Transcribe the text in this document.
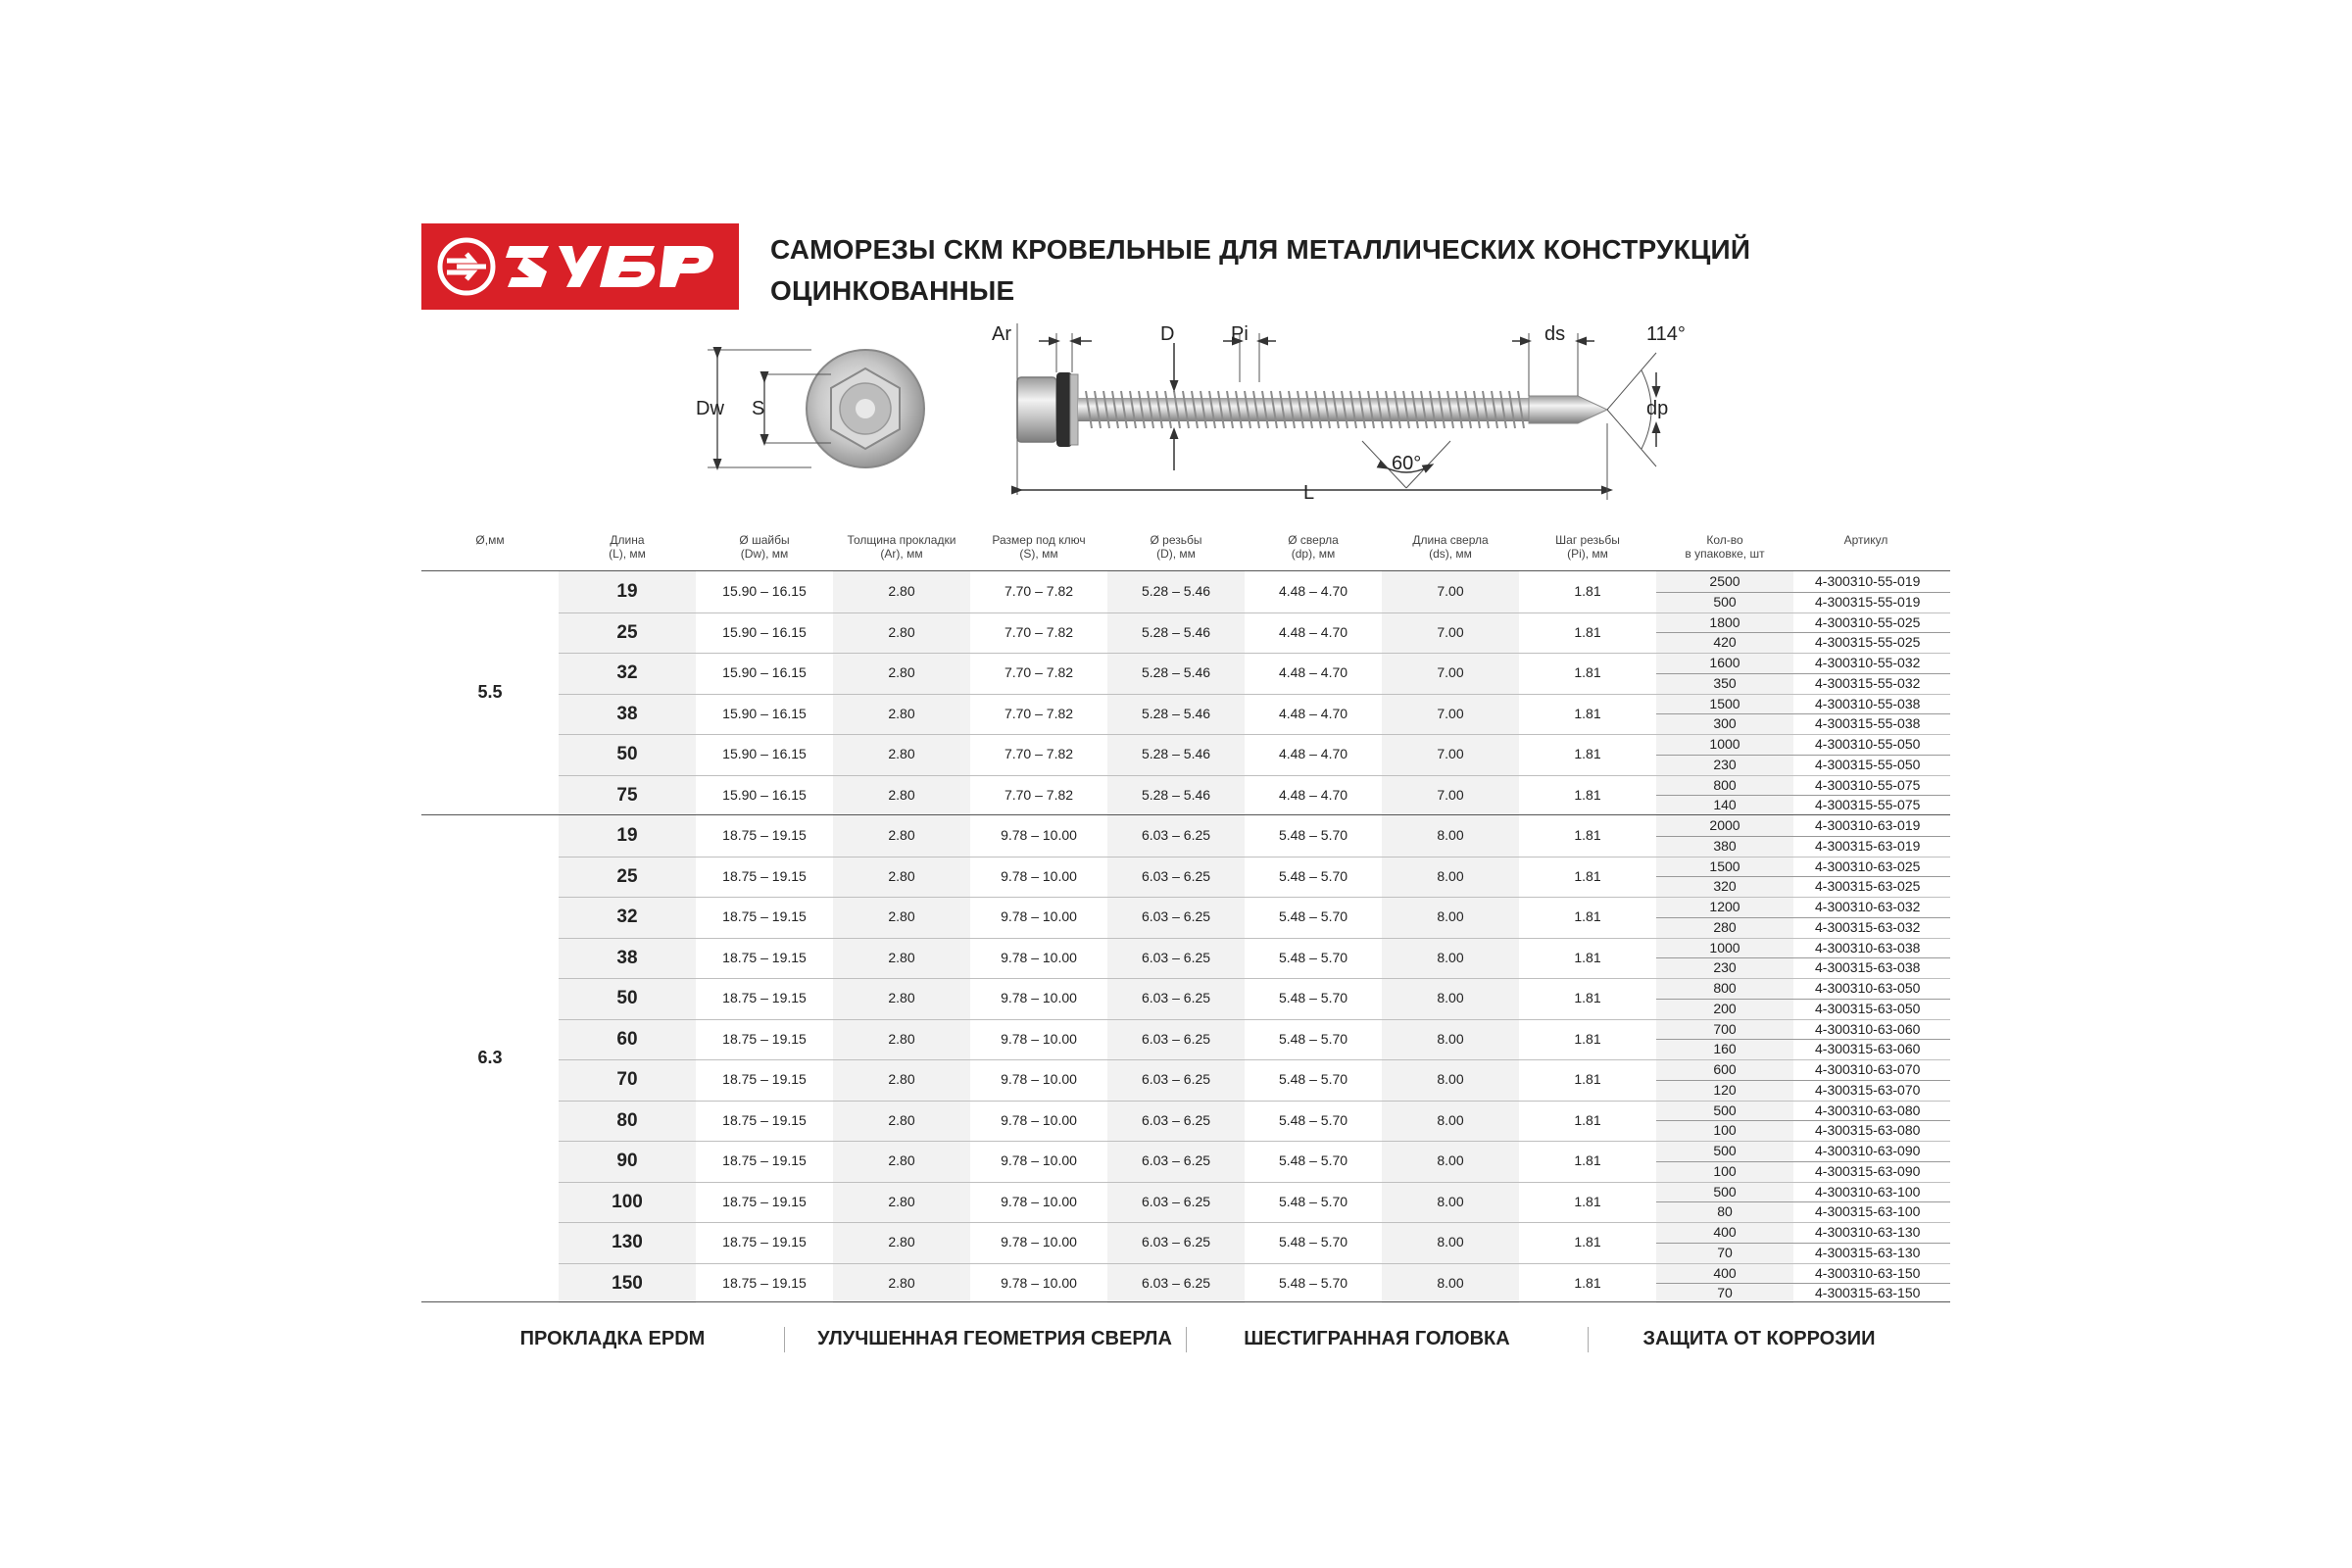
САМОРЕЗЫ СКМ КРОВЕЛЬНЫЕ ДЛЯ МЕТАЛЛИЧЕСКИХ КОНСТРУКЦИЙ
ОЦИНКОВАННЫЕ
Dw S
Ar	D	Pi	ds	114°
dp
60°
L
Ø,мм	Длина
(L), мм
Ø шайбы
(Dw), мм
Толщина прокладки
(Ar), мм
Размер под ключ
(S), мм
Ø резьбы
(D), мм
Ø сверла
(dp), мм
Длина сверла
(ds), мм
Шаг резьбы
(Pi), мм
Кол-во
в упаковке, шт
Артикул
5.5
19	15.90 – 16.15	2.80	7.70 – 7.82	5.28 – 5.46	4.48 – 4.70	7.00	1.81
2500	4-300310-55-019
500	4-300315-55-019
25	15.90 – 16.15	2.80	7.70 – 7.82	5.28 – 5.46	4.48 – 4.70	7.00	1.81
1800	4-300310-55-025
420	4-300315-55-025
32	15.90 – 16.15	2.80	7.70 – 7.82	5.28 – 5.46	4.48 – 4.70	7.00	1.81
1600	4-300310-55-032
350	4-300315-55-032
38	15.90 – 16.15	2.80	7.70 – 7.82	5.28 – 5.46	4.48 – 4.70	7.00	1.81
1500	4-300310-55-038
300	4-300315-55-038
50	15.90 – 16.15	2.80	7.70 – 7.82	5.28 – 5.46	4.48 – 4.70	7.00	1.81
1000	4-300310-55-050
230	4-300315-55-050
75	15.90 – 16.15	2.80	7.70 – 7.82	5.28 – 5.46	4.48 – 4.70	7.00	1.81
800	4-300310-55-075
140	4-300315-55-075
6.3
19	18.75 – 19.15	2.80	9.78 – 10.00	6.03 – 6.25	5.48 – 5.70	8.00	1.81
2000	4-300310-63-019
380	4-300315-63-019
25	18.75 – 19.15	2.80	9.78 – 10.00	6.03 – 6.25	5.48 – 5.70	8.00	1.81
1500	4-300310-63-025
320	4-300315-63-025
32	18.75 – 19.15	2.80	9.78 – 10.00	6.03 – 6.25	5.48 – 5.70	8.00	1.81
1200	4-300310-63-032
280	4-300315-63-032
38	18.75 – 19.15	2.80	9.78 – 10.00	6.03 – 6.25	5.48 – 5.70	8.00	1.81
1000	4-300310-63-038
230	4-300315-63-038
50	18.75 – 19.15	2.80	9.78 – 10.00	6.03 – 6.25	5.48 – 5.70	8.00	1.81
800	4-300310-63-050
200	4-300315-63-050
60	18.75 – 19.15	2.80	9.78 – 10.00	6.03 – 6.25	5.48 – 5.70	8.00	1.81
700	4-300310-63-060
160	4-300315-63-060
70	18.75 – 19.15	2.80	9.78 – 10.00	6.03 – 6.25	5.48 – 5.70	8.00	1.81
600	4-300310-63-070
120	4-300315-63-070
80	18.75 – 19.15	2.80	9.78 – 10.00	6.03 – 6.25	5.48 – 5.70	8.00	1.81
500	4-300310-63-080
100	4-300315-63-080
90	18.75 – 19.15	2.80	9.78 – 10.00	6.03 – 6.25	5.48 – 5.70	8.00	1.81
500	4-300310-63-090
100	4-300315-63-090
100	18.75 – 19.15	2.80	9.78 – 10.00	6.03 – 6.25	5.48 – 5.70	8.00	1.81
500	4-300310-63-100
80	4-300315-63-100
130	18.75 – 19.15	2.80	9.78 – 10.00	6.03 – 6.25	5.48 – 5.70	8.00	1.81
400	4-300310-63-130
70	4-300315-63-130
150	18.75 – 19.15	2.80	9.78 – 10.00	6.03 – 6.25	5.48 – 5.70	8.00	1.81
400	4-300310-63-150
70	4-300315-63-150
ПРОКЛАДКА EPDM	УЛУЧШЕННАЯ ГЕОМЕТРИЯ СВЕРЛА	ШЕСТИГРАННАЯ ГОЛОВКА	ЗАЩИТА ОТ КОРРОЗИИ
